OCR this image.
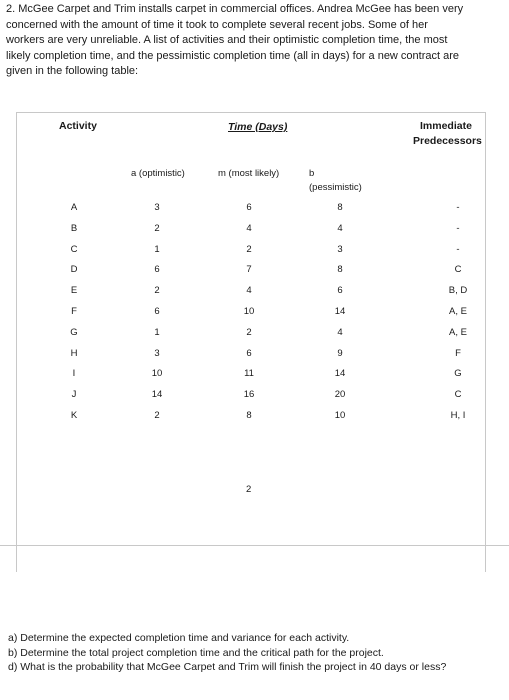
2. McGee Carpet and Trim installs carpet in commercial offices. Andrea McGee has been very
concerned with the amount of time it took to complete several recent jobs. Some of her
workers are very unreliable. A list of activities and their optimistic completion time, the most
likely completion time, and the pessimistic completion time (all in days) for a new contract are
given in the following table:
Activity	Time (Days)	Immediate
Predecessors
a (optimistic)	m (most likely)	b
(pessimistic)
A	3	6	8	-
B	2	4	4	-
C	1	2	3	-
D	6	7	8	C
E	2	4	6	B, D
F	6	10	14	A, E
G	1	2	4	A, E
H	3	6	9	F
I	10	11	14	G
J	14	16	20	C
K	2	8	10	H, I
2
a) Determine the expected completion time and variance for each activity.
b) Determine the total project completion time and the critical path for the project.
d) What is the probability that McGee Carpet and Trim will finish the project in 40 days or less?
